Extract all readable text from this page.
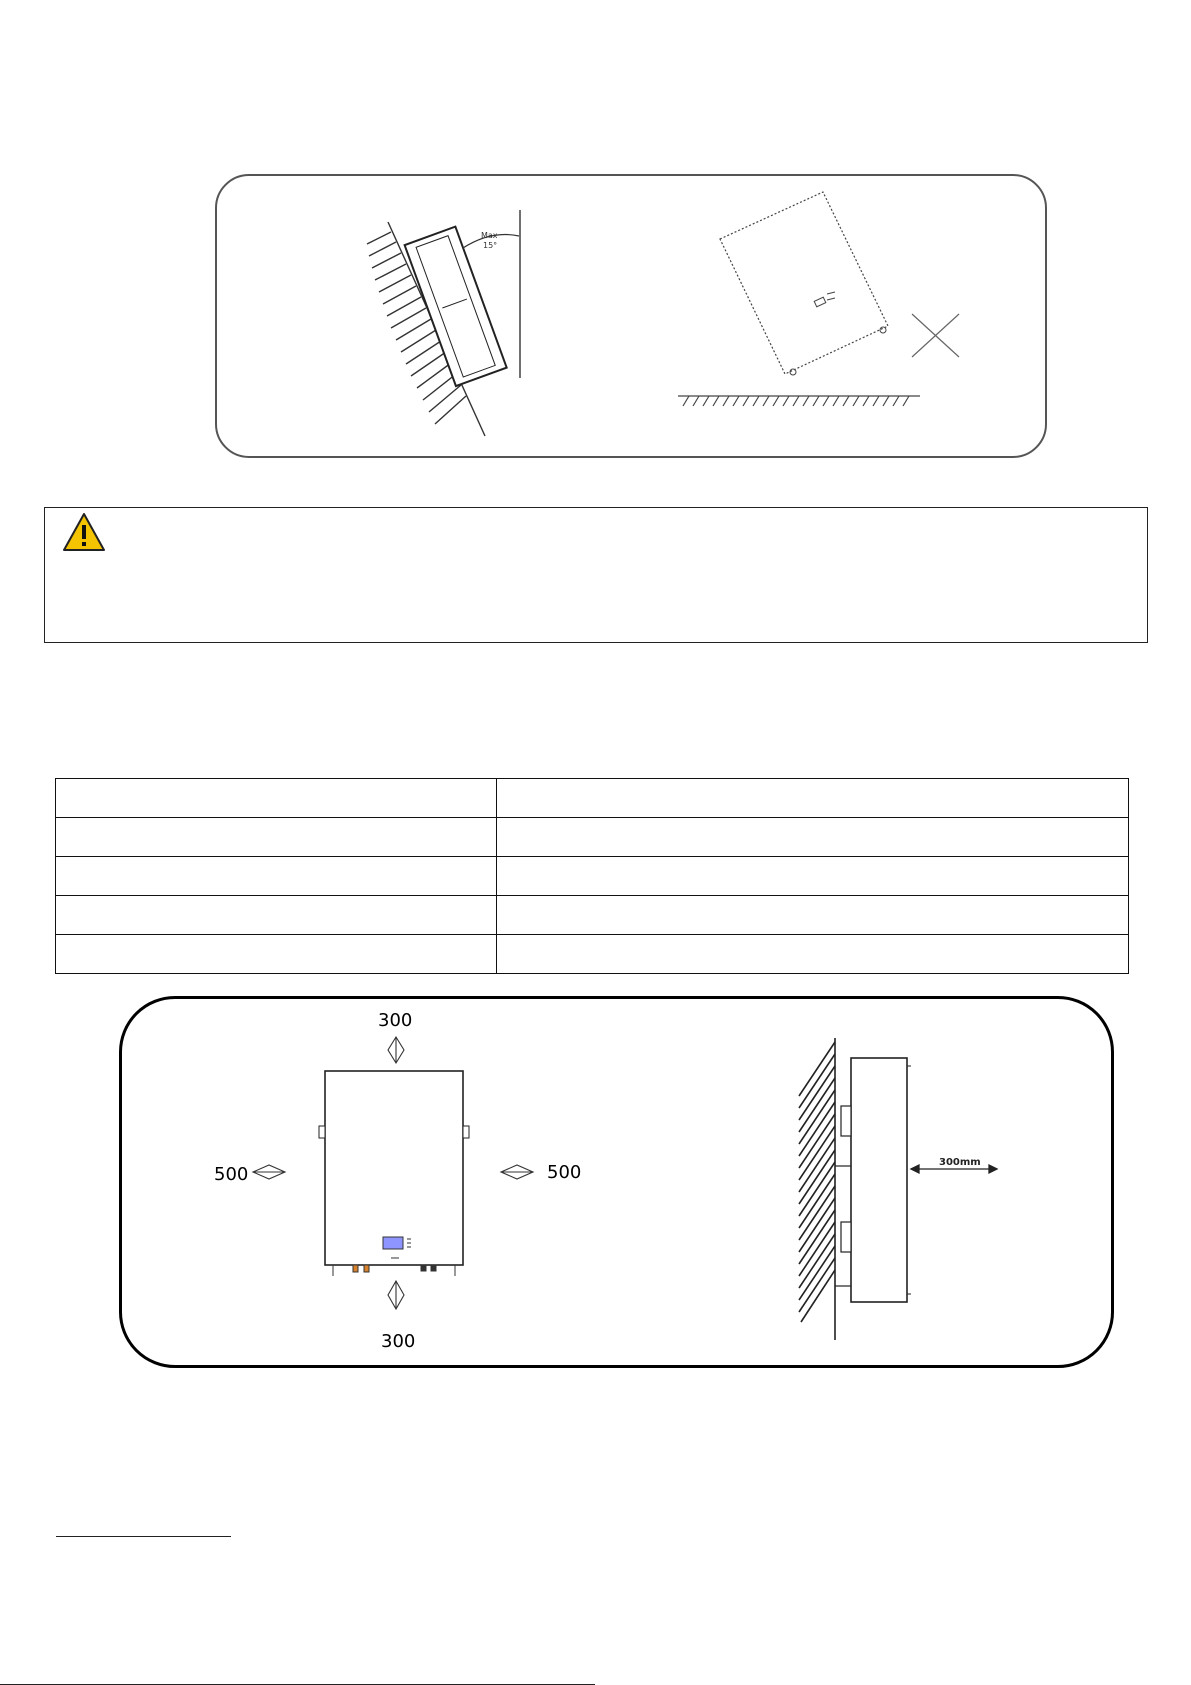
Max
15°

300
300
500	500	300mm
